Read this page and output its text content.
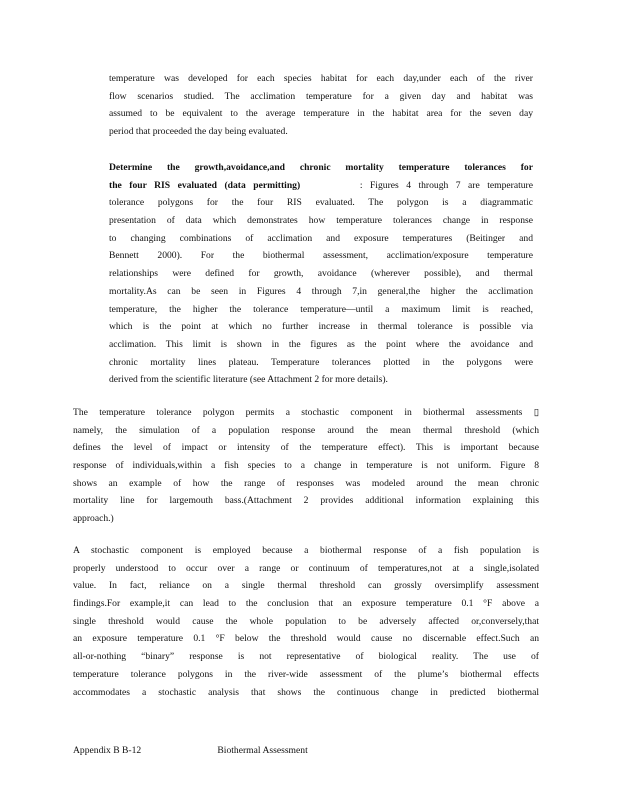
temperature was developed for each species habitat for each day,under each of the river
flow scenarios studied. The acclimation temperature for a given day and habitat was
assumed to be equivalent to the average temperature in the habitat area for the seven day
period that proceeded the day being evaluated.
Determine the growth,avoidance,and chronic mortality temperature tolerances for
the four RIS evaluated (data permitting)	: Figures 4 through 7 are temperature
tolerance polygons for the four RIS evaluated. The polygon is a diagrammatic
presentation of data which demonstrates how temperature tolerances change in response
to changing combinations of acclimation and exposure temperatures (Beitinger and
Bennett 2000). For the biothermal assessment, acclimation/exposure temperature
relationships were defined for growth, avoidance (wherever possible), and thermal
mortality.As can be seen in Figures 4 through 7,in general,the higher the acclimation
temperature, the higher the tolerance temperature—until a maximum limit is reached,
which is the point at which no further increase in thermal tolerance is possible via
acclimation. This limit is shown in the figures as the point where the avoidance and
chronic mortality lines plateau. Temperature tolerances plotted in the polygons were
derived from the scientific literature (see Attachment 2 for more details).
The temperature tolerance polygon permits a stochastic component in biothermal assessments ▯
namely, the simulation of a population response around the mean thermal threshold (which
defines the level of impact or intensity of the temperature effect). This is important because
response of individuals,within a fish species to a change in temperature is not uniform. Figure 8
shows an example of how the range of responses was modeled around the mean chronic
mortality line for largemouth bass.(Attachment 2 provides additional information explaining this
approach.)
A stochastic component is employed because a biothermal response of a fish population is
properly understood to occur over a range or continuum of temperatures,not at a single,isolated
value. In fact, reliance on a single thermal threshold can grossly oversimplify assessment
findings.For example,it can lead to the conclusion that an exposure temperature 0.1 °F above a
single threshold would cause the whole population to be adversely affected or,conversely,that
an exposure temperature 0.1 °F below the threshold would cause no discernable effect.Such an
all-or-nothing “binary” response is not representative of biological reality. The use of
temperature tolerance polygons in the river-wide assessment of the plume’s biothermal effects
accommodates a stochastic analysis that shows the continuous change in predicted biothermal
Appendix B B-12	Biothermal Assessment
